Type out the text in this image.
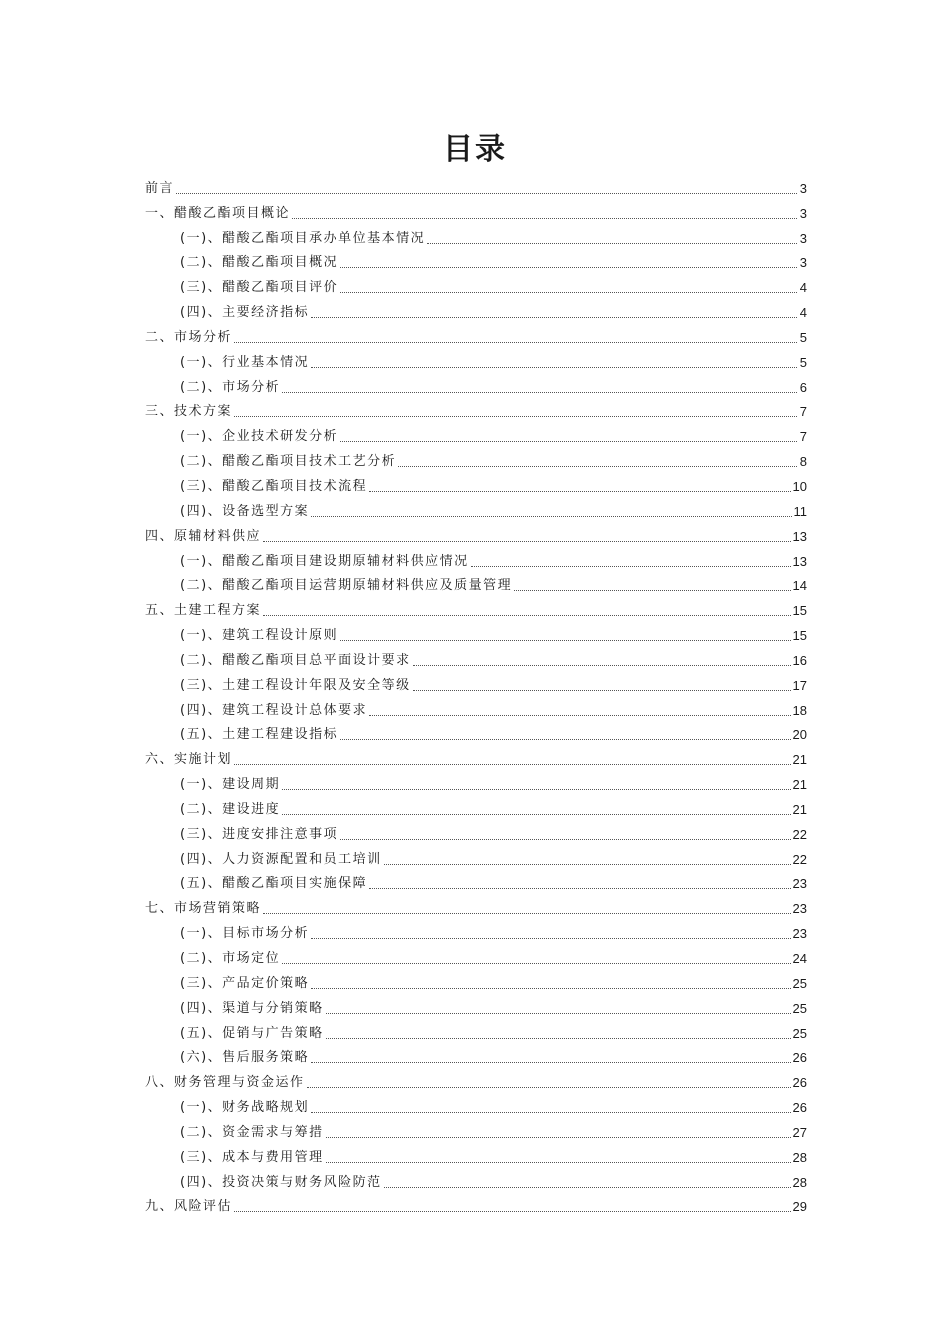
目录
前言	3
一、醋酸乙酯项目概论	3
(一)、醋酸乙酯项目承办单位基本情况	3
(二)、醋酸乙酯项目概况	3
(三)、醋酸乙酯项目评价	4
(四)、主要经济指标	4
二、市场分析	5
(一)、行业基本情况	5
(二)、市场分析	6
三、技术方案	7
(一)、企业技术研发分析	7
(二)、醋酸乙酯项目技术工艺分析	8
(三)、醋酸乙酯项目技术流程	10
(四)、设备选型方案	11
四、原辅材料供应	13
(一)、醋酸乙酯项目建设期原辅材料供应情况	13
(二)、醋酸乙酯项目运营期原辅材料供应及质量管理	14
五、土建工程方案	15
(一)、建筑工程设计原则	15
(二)、醋酸乙酯项目总平面设计要求	16
(三)、土建工程设计年限及安全等级	17
(四)、建筑工程设计总体要求	18
(五)、土建工程建设指标	20
六、实施计划	21
(一)、建设周期	21
(二)、建设进度	21
(三)、进度安排注意事项	22
(四)、人力资源配置和员工培训	22
(五)、醋酸乙酯项目实施保障	23
七、市场营销策略	23
(一)、目标市场分析	23
(二)、市场定位	24
(三)、产品定价策略	25
(四)、渠道与分销策略	25
(五)、促销与广告策略	25
(六)、售后服务策略	26
八、财务管理与资金运作	26
(一)、财务战略规划	26
(二)、资金需求与筹措	27
(三)、成本与费用管理	28
(四)、投资决策与财务风险防范	28
九、风险评估	29
